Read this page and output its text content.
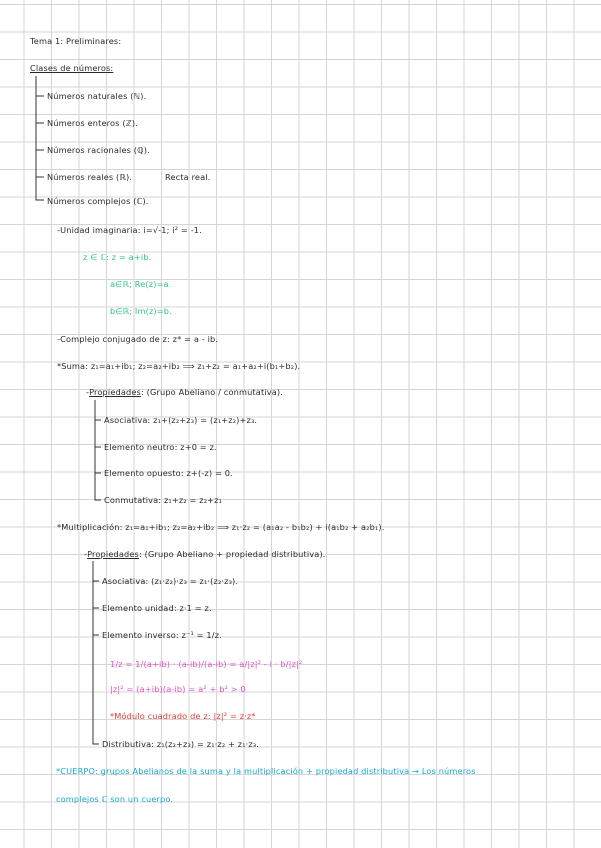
Tema 1: Preliminares:
Clases de números:
Números naturales (ℕ).
Números enteros (ℤ).
Números racionales (ℚ).
Números reales (ℝ).	Recta real.
Números complejos (ℂ).
-Unidad imaginaria: i=√-1; i² = -1.
z ∈ ℂ: z = a+ib.
a∈ℝ; Re(z)=a.
b∈ℝ; Im(z)=b.
-Complejo conjugado de z: z* = a - ib.
*Suma: z₁=a₁+ib₁; z₂=a₂+ib₂ ⟹ z₁+z₂ = a₁+a₂+i(b₁+b₂).
-Propiedades: (Grupo Abeliano / conmutativa).
Asociativa: z₁+(z₂+z₃) = (z₁+z₂)+z₃.
Elemento neutro: z+0 = z.
Elemento opuesto: z+(-z) = 0.
Conmutativa: z₁+z₂ = z₂+z₁
*Multiplicación: z₁=a₁+ib₁; z₂=a₂+ib₂ ⟹ z₁·z₂ = (a₁a₂ - b₁b₂) + i(a₁b₂ + a₂b₁).
-Propiedades: (Grupo Abeliano + propiedad distributiva).
Asociativa: (z₁·z₂)·z₃ = z₁·(z₂·z₃).
Elemento unidad: z·1 = z.
Elemento inverso: z⁻¹ = 1/z.
1/z = 1/(a+ib) · (a-ib)/(a-ib) = a/|z|² - i · b/|z|²
|z|² = (a+ib)(a-ib) = a² + b² > 0
*Módulo cuadrado de z: |z|² = z·z*
Distributiva: z₁(z₂+z₃) = z₁·z₂ + z₁·z₃.
*CUERPO: grupos Abelianos de la suma y la multiplicación + propiedad distributiva → Los números
complejos ℂ son un cuerpo.
